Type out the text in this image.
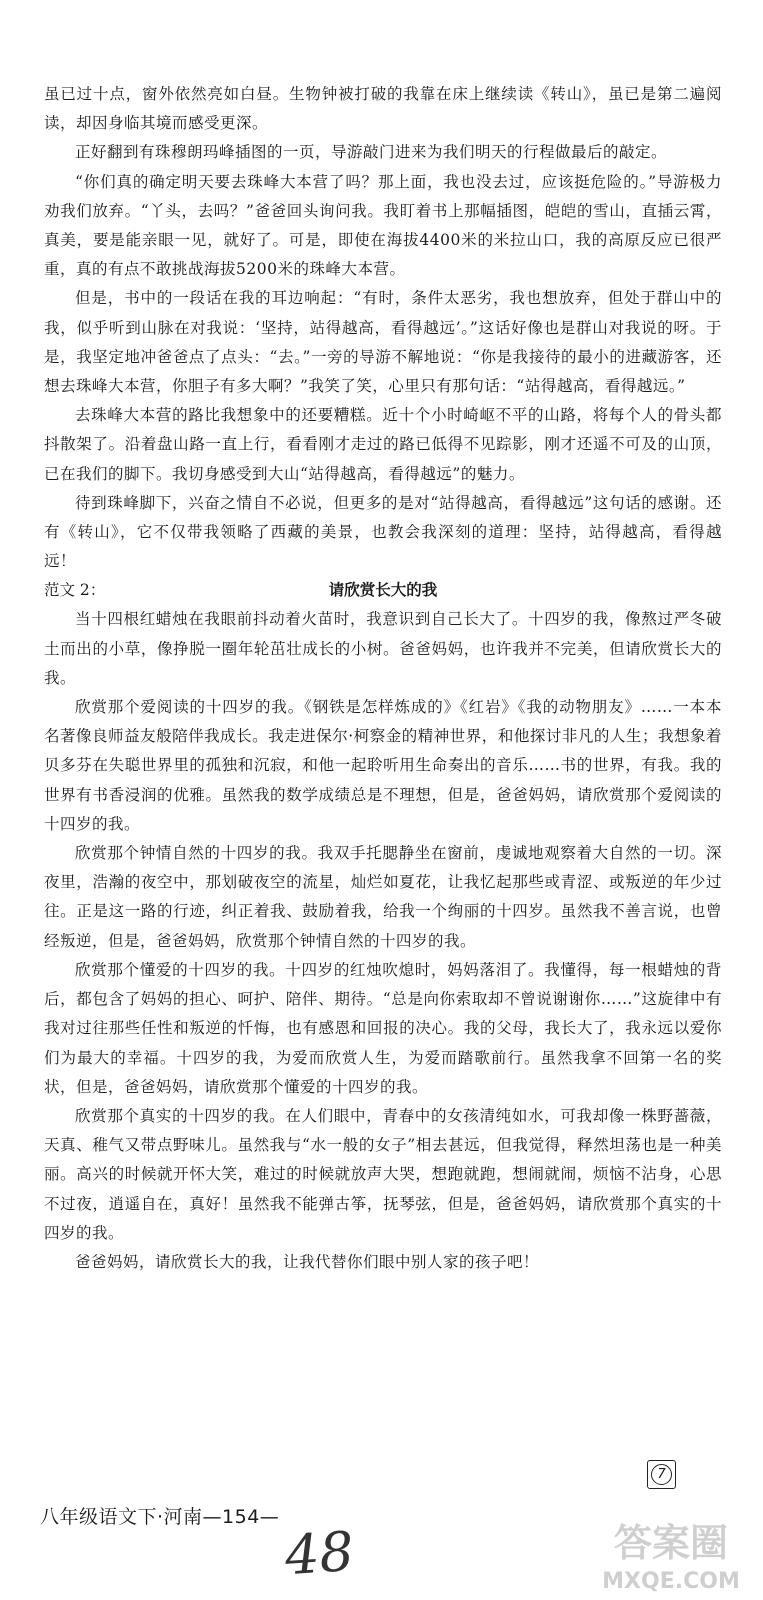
虽已过十点，窗外依然亮如白昼。生物钟被打破的我靠在床上继续读《转山》，虽已是第二遍阅读，却因身临其境而感受更深。

正好翻到有珠穆朗玛峰插图的一页，导游敲门进来为我们明天的行程做最后的敲定。

“你们真的确定明天要去珠峰大本营了吗？那上面，我也没去过，应该挺危险的。”导游极力劝我们放弃。“丫头，去吗？”爸爸回头询问我。我盯着书上那幅插图，皑皑的雪山，直插云霄，真美，要是能亲眼一见，就好了。可是，即使在海拔4400米的米拉山口，我的高原反应已很严重，真的有点不敢挑战海拔5200米的珠峰大本营。

但是，书中的一段话在我的耳边响起：“有时，条件太恶劣，我也想放弃，但处于群山中的我，似乎听到山脉在对我说：‘坚持，站得越高，看得越远’。”这话好像也是群山对我说的呀。于是，我坚定地冲爸爸点了点头：“去。”一旁的导游不解地说：“你是我接待的最小的进藏游客，还想去珠峰大本营，你胆子有多大啊？”我笑了笑，心里只有那句话：“站得越高，看得越远。”

去珠峰大本营的路比我想象中的还要糟糕。近十个小时崎岖不平的山路，将每个人的骨头都抖散架了。沿着盘山路一直上行，看看刚才走过的路已低得不见踪影，刚才还遥不可及的山顶，已在我们的脚下。我切身感受到大山“站得越高，看得越远”的魅力。

待到珠峰脚下，兴奋之情自不必说，但更多的是对“站得越高，看得越远”这句话的感谢。还有《转山》，它不仅带我领略了西藏的美景，也教会我深刻的道理：坚持，站得越高，看得越远！

范文 2：	请欣赏长大的我

当十四根红蜡烛在我眼前抖动着火苗时，我意识到自己长大了。十四岁的我，像熬过严冬破土而出的小草，像挣脱一圈年轮茁壮成长的小树。爸爸妈妈，也许我并不完美，但请欣赏长大的我。

欣赏那个爱阅读的十四岁的我。《钢铁是怎样炼成的》《红岩》《我的动物朋友》……一本本名著像良师益友般陪伴我成长。我走进保尔·柯察金的精神世界，和他探讨非凡的人生；我想象着贝多芬在失聪世界里的孤独和沉寂，和他一起聆听用生命奏出的音乐……书的世界，有我。我的世界有书香浸润的优雅。虽然我的数学成绩总是不理想，但是，爸爸妈妈，请欣赏那个爱阅读的十四岁的我。

欣赏那个钟情自然的十四岁的我。我双手托腮静坐在窗前，虔诚地观察着大自然的一切。深夜里，浩瀚的夜空中，那划破夜空的流星，灿烂如夏花，让我忆起那些或青涩、或叛逆的年少过往。正是这一路的行迹，纠正着我、鼓励着我，给我一个绚丽的十四岁。虽然我不善言说，也曾经叛逆，但是，爸爸妈妈，欣赏那个钟情自然的十四岁的我。

欣赏那个懂爱的十四岁的我。十四岁的红烛吹熄时，妈妈落泪了。我懂得，每一根蜡烛的背后，都包含了妈妈的担心、呵护、陪伴、期待。“总是向你索取却不曾说谢谢你……”这旋律中有我对过往那些任性和叛逆的忏悔，也有感恩和回报的决心。我的父母，我长大了，我永远以爱你们为最大的幸福。十四岁的我，为爱而欣赏人生，为爱而踏歌前行。虽然我拿不回第一名的奖状，但是，爸爸妈妈，请欣赏那个懂爱的十四岁的我。

欣赏那个真实的十四岁的我。在人们眼中，青春中的女孩清纯如水，可我却像一株野蔷薇，天真、稚气又带点野味儿。虽然我与“水一般的女子”相去甚远，但我觉得，释然坦荡也是一种美丽。高兴的时候就开怀大笑，难过的时候就放声大哭，想跑就跑，想闹就闹，烦恼不沾身，心思不过夜，逍遥自在，真好！虽然我不能弹古筝，抚琴弦，但是，爸爸妈妈，请欣赏那个真实的十四岁的我。

爸爸妈妈，请欣赏长大的我，让我代替你们眼中别人家的孩子吧！

7
八年级语文下·河南—154—
48	答案圈
MXQE.COM
